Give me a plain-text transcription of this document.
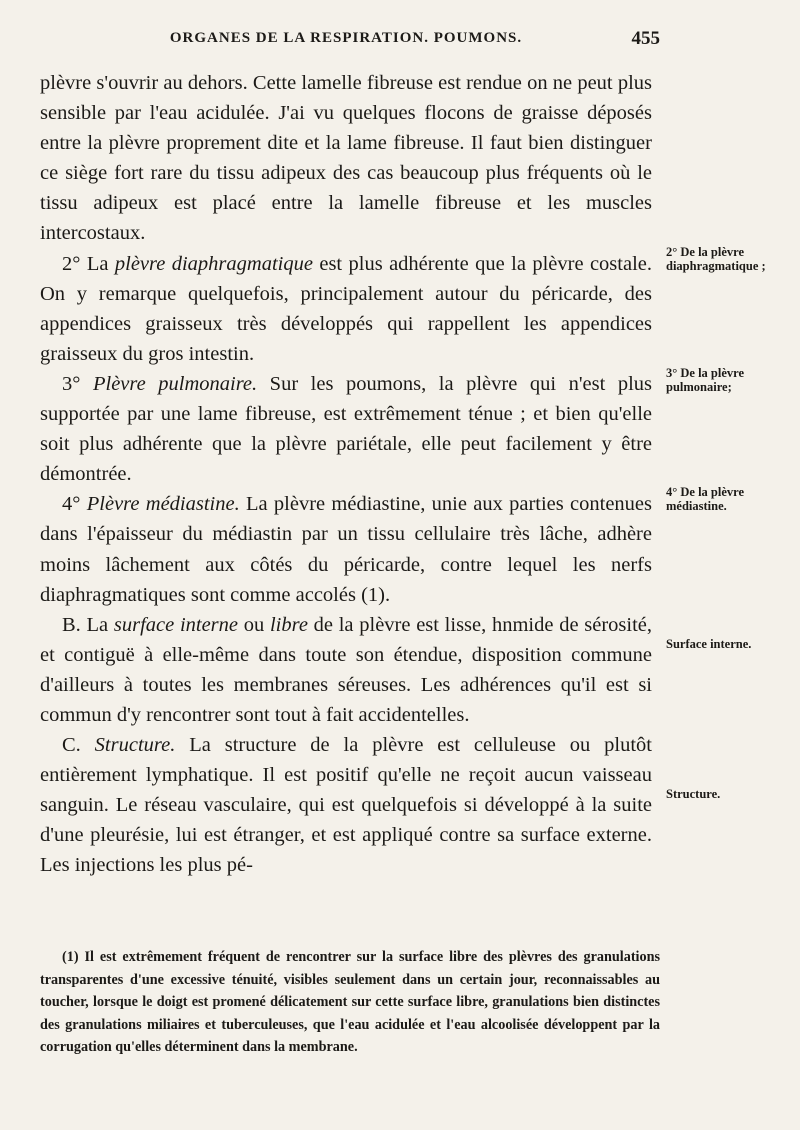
ORGANES DE LA RESPIRATION. POUMONS.	455

plèvre s'ouvrir au dehors. Cette lamelle fibreuse est rendue on ne peut plus sensible par l'eau acidulée. J'ai vu quelques flocons de graisse déposés entre la plèvre proprement dite et la lame fibreuse. Il faut bien distinguer ce siège fort rare du tissu adipeux des cas beaucoup plus fréquents où le tissu adipeux est placé entre la lamelle fibreuse et les muscles intercostaux.

2° La plèvre diaphragmatique est plus adhérente que la plèvre costale. On y remarque quelquefois, principalement autour du péricarde, des appendices graisseux très développés qui rappellent les appendices graisseux du gros intestin.

3° Plèvre pulmonaire. Sur les poumons, la plèvre qui n'est plus supportée par une lame fibreuse, est extrêmement ténue ; et bien qu'elle soit plus adhérente que la plèvre pariétale, elle peut facilement y être démontrée.

4° Plèvre médiastine. La plèvre médiastine, unie aux parties contenues dans l'épaisseur du médiastin par un tissu cellulaire très lâche, adhère moins lâchement aux côtés du péricarde, contre lequel les nerfs diaphragmatiques sont comme accolés (1).

B. La surface interne ou libre de la plèvre est lisse, hnmide de sérosité, et contiguë à elle-même dans toute son étendue, disposition commune d'ailleurs à toutes les membranes séreuses. Les adhérences qu'il est si commun d'y rencontrer sont tout à fait accidentelles.

C. Structure. La structure de la plèvre est celluleuse ou plutôt entièrement lymphatique. Il est positif qu'elle ne reçoit aucun vaisseau sanguin. Le réseau vasculaire, qui est quelquefois si développé à la suite d'une pleurésie, lui est étranger, et est appliqué contre sa surface externe. Les injections les plus pé-

2° De la plèvre diaphragmatique ;
3° De la plèvre pulmonaire;
4° De la plèvre médiastine.
Surface interne.
Structure.

(1) Il est extrêmement fréquent de rencontrer sur la surface libre des plèvres des granulations transparentes d'une excessive ténuité, visibles seulement dans un certain jour, reconnaissables au toucher, lorsque le doigt est promené délicatement sur cette surface libre, granulations bien distinctes des granulations miliaires et tuberculeuses, que l'eau acidulée et l'eau alcoolisée développent par la corrugation qu'elles déterminent dans la membrane.
